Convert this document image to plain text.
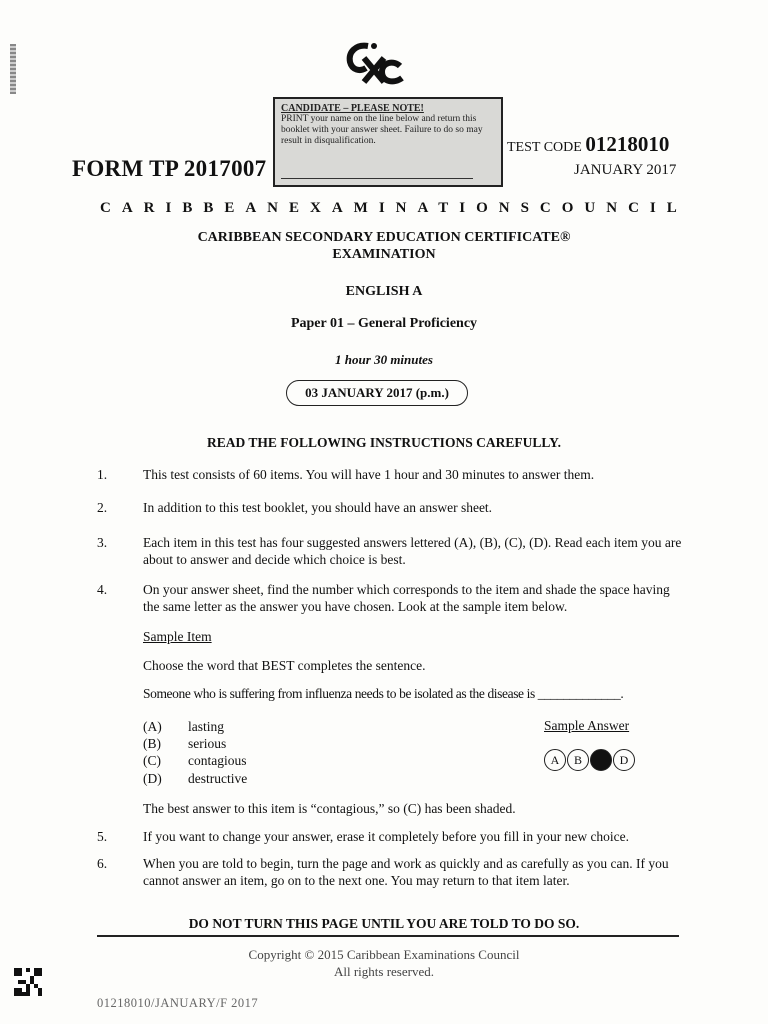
CANDIDATE – PLEASE NOTE!
PRINT your name on the line below and return this booklet with your answer sheet. Failure to do so may result in disqualification.
FORM TP 2017007
TEST CODE 01218010
JANUARY 2017
CARIBBEAN EXAMINATIONS COUNCIL
CARIBBEAN SECONDARY EDUCATION CERTIFICATE®
EXAMINATION
ENGLISH A
Paper 01 – General Proficiency
1 hour 30 minutes
03 JANUARY 2017 (p.m.)
READ THE FOLLOWING INSTRUCTIONS CAREFULLY.
1.	This test consists of 60 items. You will have 1 hour and 30 minutes to answer them.
2.	In addition to this test booklet, you should have an answer sheet.
3.	Each item in this test has four suggested answers lettered (A), (B), (C), (D). Read each item you are about to answer and decide which choice is best.
4.	On your answer sheet, find the number which corresponds to the item and shade the space having the same letter as the answer you have chosen. Look at the sample item below.
Sample Item
Choose the word that BEST completes the sentence.
Someone who is suffering from influenza needs to be isolated as the disease is _____________.
(A) lasting
(B) serious
(C) contagious
(D) destructive
Sample Answer
A	B	D
The best answer to this item is “contagious,” so (C) has been shaded.
5.	If you want to change your answer, erase it completely before you fill in your new choice.
6.	When you are told to begin, turn the page and work as quickly and as carefully as you can. If you cannot answer an item, go on to the next one. You may return to that item later.
DO NOT TURN THIS PAGE UNTIL YOU ARE TOLD TO DO SO.
Copyright © 2015 Caribbean Examinations Council
All rights reserved.
01218010/JANUARY/F 2017
